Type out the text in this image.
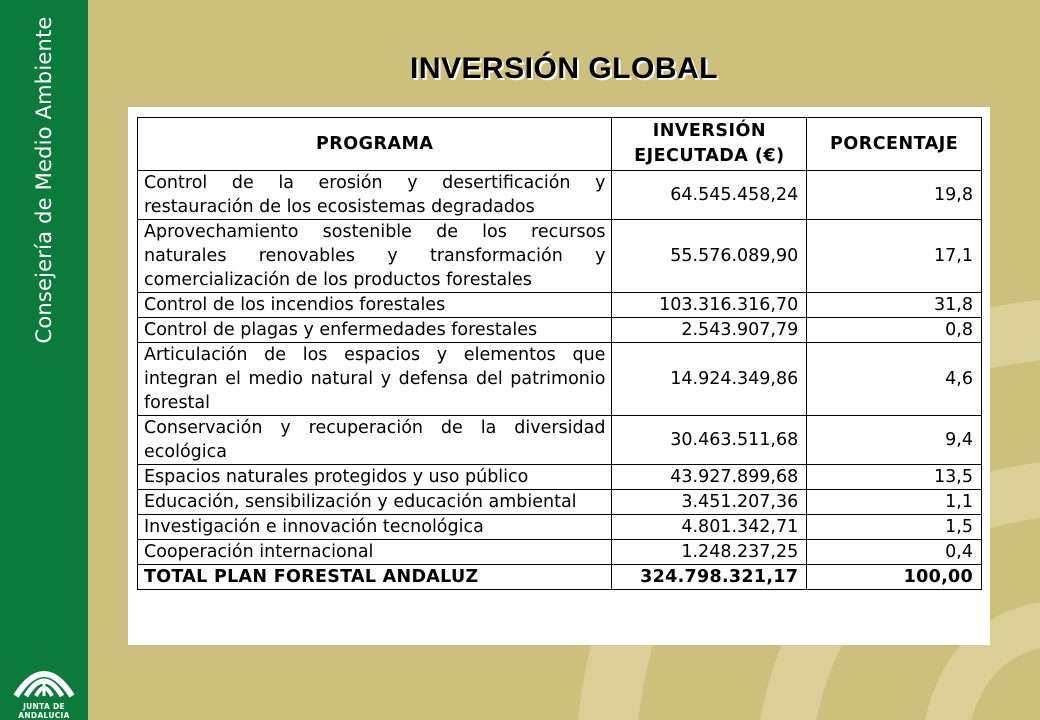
Consejería de Medio Ambiente
JUNTA DE ANDALUCIA
INVERSIÓN GLOBAL
PROGRAMA	INVERSIÓN EJECUTADA (€)	PORCENTAJE
Control de la erosión y desertificación y restauración de los ecosistemas degradados	64.545.458,24	19,8
Aprovechamiento sostenible de los recursos naturales renovables y transformación y comercialización de los productos forestales	55.576.089,90	17,1
Control de los incendios forestales	103.316.316,70	31,8
Control de plagas y enfermedades forestales	2.543.907,79	0,8
Articulación de los espacios y elementos que integran el medio natural y defensa del patrimonio forestal	14.924.349,86	4,6
Conservación y recuperación de la diversidad ecológica	30.463.511,68	9,4
Espacios naturales protegidos y uso público	43.927.899,68	13,5
Educación, sensibilización y educación ambiental	3.451.207,36	1,1
Investigación e innovación tecnológica	4.801.342,71	1,5
Cooperación internacional	1.248.237,25	0,4
TOTAL PLAN FORESTAL ANDALUZ	324.798.321,17	100,00
